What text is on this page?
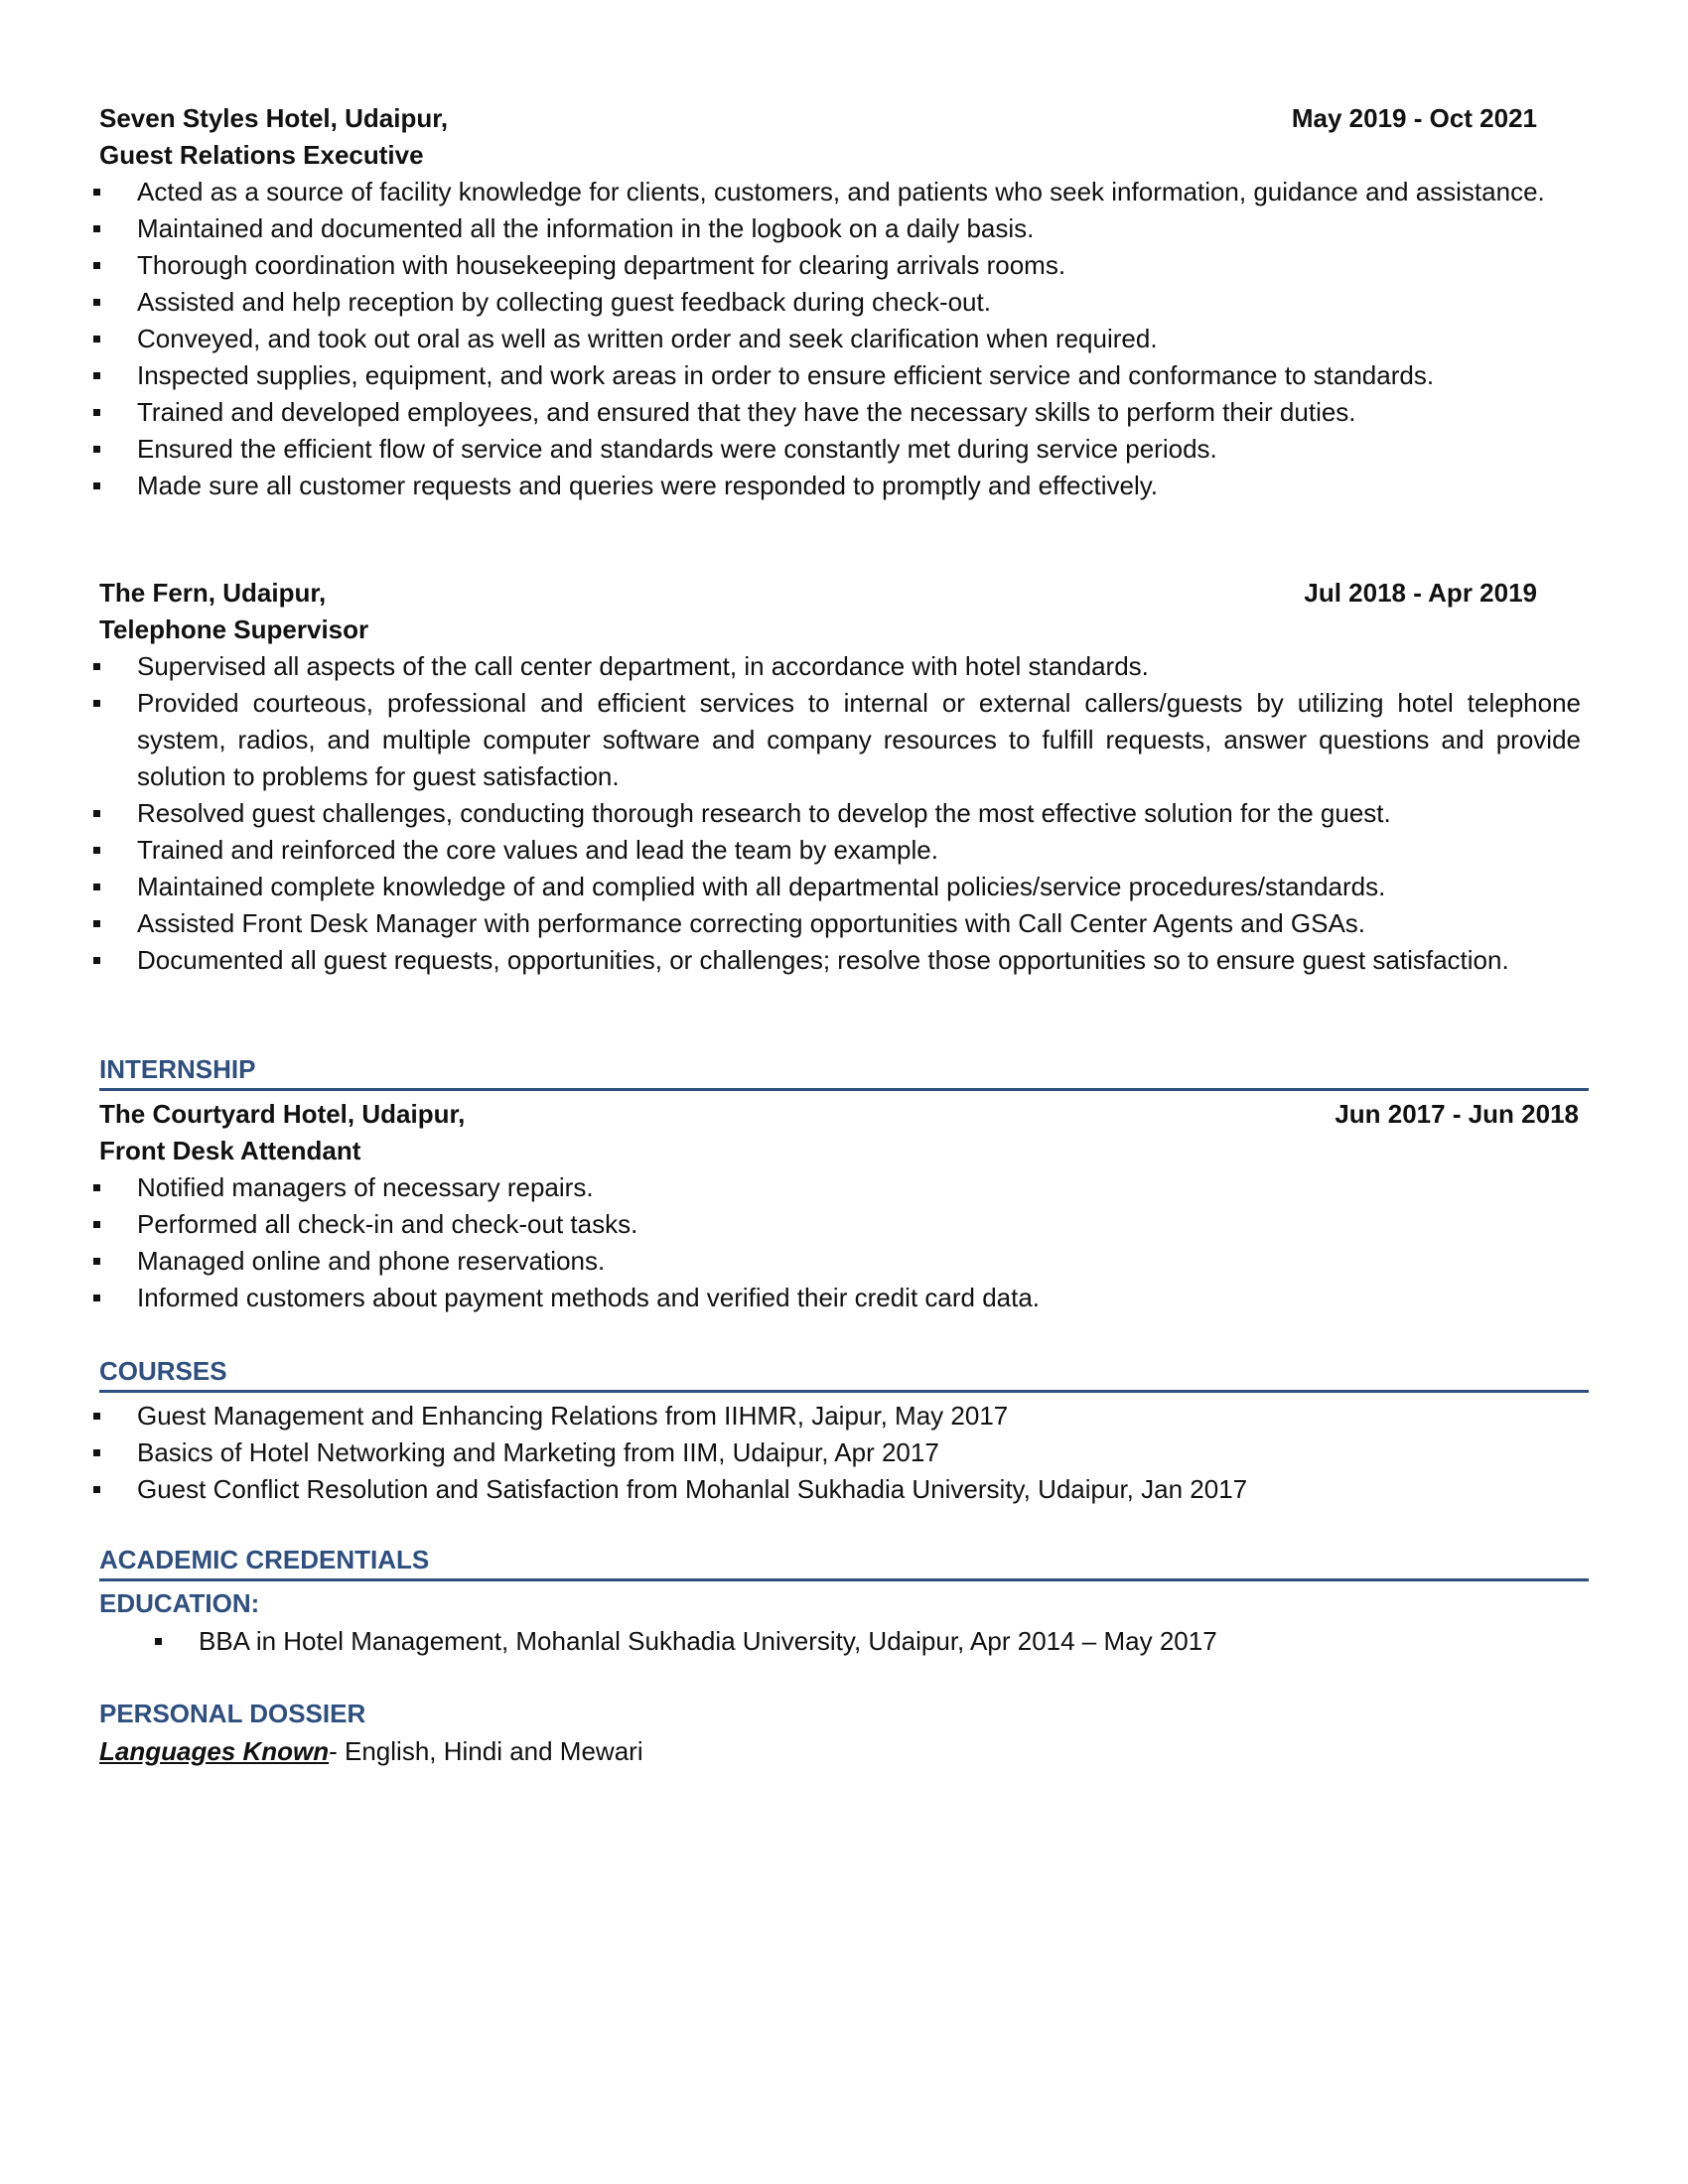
Seven Styles Hotel, Udaipur,	May 2019 - Oct 2021
Guest Relations Executive
Acted as a source of facility knowledge for clients, customers, and patients who seek information, guidance and assistance.
Maintained and documented all the information in the logbook on a daily basis.
Thorough coordination with housekeeping department for clearing arrivals rooms.
Assisted and help reception by collecting guest feedback during check-out.
Conveyed, and took out oral as well as written order and seek clarification when required.
Inspected supplies, equipment, and work areas in order to ensure efficient service and conformance to standards.
Trained and developed employees, and ensured that they have the necessary skills to perform their duties.
Ensured the efficient flow of service and standards were constantly met during service periods.
Made sure all customer requests and queries were responded to promptly and effectively.
The Fern, Udaipur,	Jul 2018 - Apr 2019
Telephone Supervisor
Supervised all aspects of the call center department, in accordance with hotel standards.
Provided courteous, professional and efficient services to internal or external callers/guests by utilizing hotel telephone system, radios, and multiple computer software and company resources to fulfill requests, answer questions and provide solution to problems for guest satisfaction.
Resolved guest challenges, conducting thorough research to develop the most effective solution for the guest.
Trained and reinforced the core values and lead the team by example.
Maintained complete knowledge of and complied with all departmental policies/service procedures/standards.
Assisted Front Desk Manager with performance correcting opportunities with Call Center Agents and GSAs.
Documented all guest requests, opportunities, or challenges; resolve those opportunities so to ensure guest satisfaction.
INTERNSHIP
The Courtyard Hotel, Udaipur,	Jun 2017 - Jun 2018
Front Desk Attendant
Notified managers of necessary repairs.
Performed all check-in and check-out tasks.
Managed online and phone reservations.
Informed customers about payment methods and verified their credit card data.
COURSES
Guest Management and Enhancing Relations from IIHMR, Jaipur, May 2017
Basics of Hotel Networking and Marketing from IIM, Udaipur, Apr 2017
Guest Conflict Resolution and Satisfaction from Mohanlal Sukhadia University, Udaipur, Jan 2017
ACADEMIC CREDENTIALS
EDUCATION:
BBA in Hotel Management, Mohanlal Sukhadia University, Udaipur, Apr 2014 – May 2017
PERSONAL DOSSIER
Languages Known- English, Hindi and Mewari
